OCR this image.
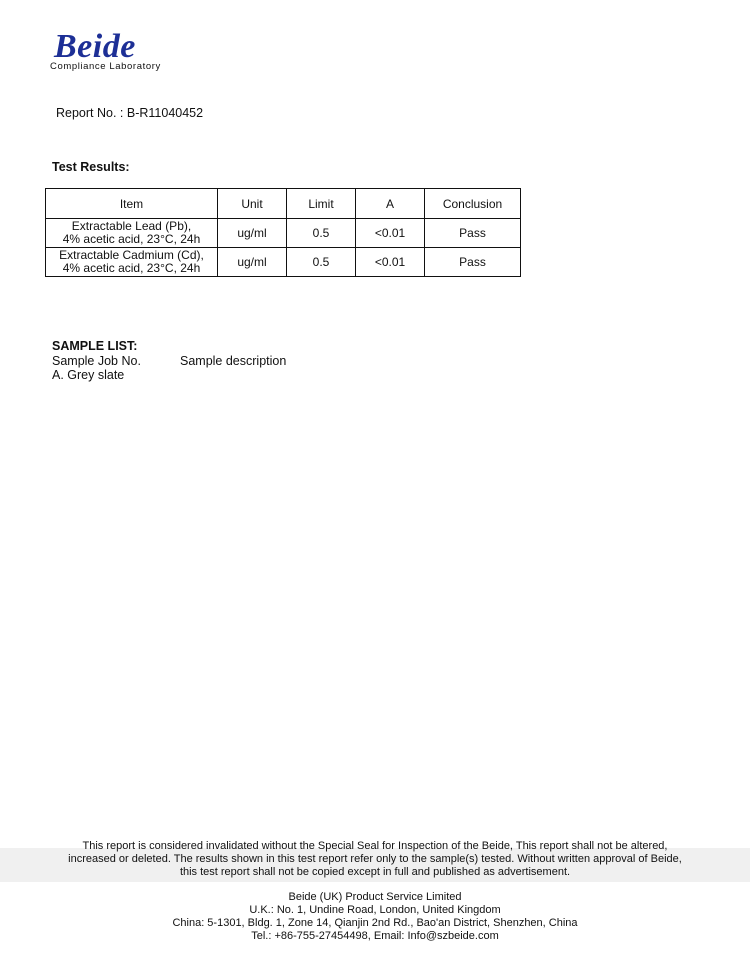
Beide
Compliance Laboratory
Report No. : B-R11040452
Test Results:
Item	Unit	Limit	A	Conclusion

Extractable Lead (Pb),
4% acetic acid, 23°C, 24h	ug/ml	0.5	<0.01	Pass

Extractable Cadmium (Cd),
4% acetic acid, 23°C, 24h	ug/ml	0.5	<0.01	Pass
SAMPLE LIST:
Sample Job No.	Sample description
A. Grey slate
This report is considered invalidated without the Special Seal for Inspection of the Beide, This report shall not be altered,
increased or deleted. The results shown in this test report refer only to the sample(s) tested. Without written approval of Beide,
this test report shall not be copied except in full and published as advertisement.
Beide (UK) Product Service Limited
U.K.: No. 1, Undine Road, London, United Kingdom
China: 5-1301, Bldg. 1, Zone 14, Qianjin 2nd Rd., Bao'an District, Shenzhen, China
Tel.: +86-755-27454498, Email: Info@szbeide.com
